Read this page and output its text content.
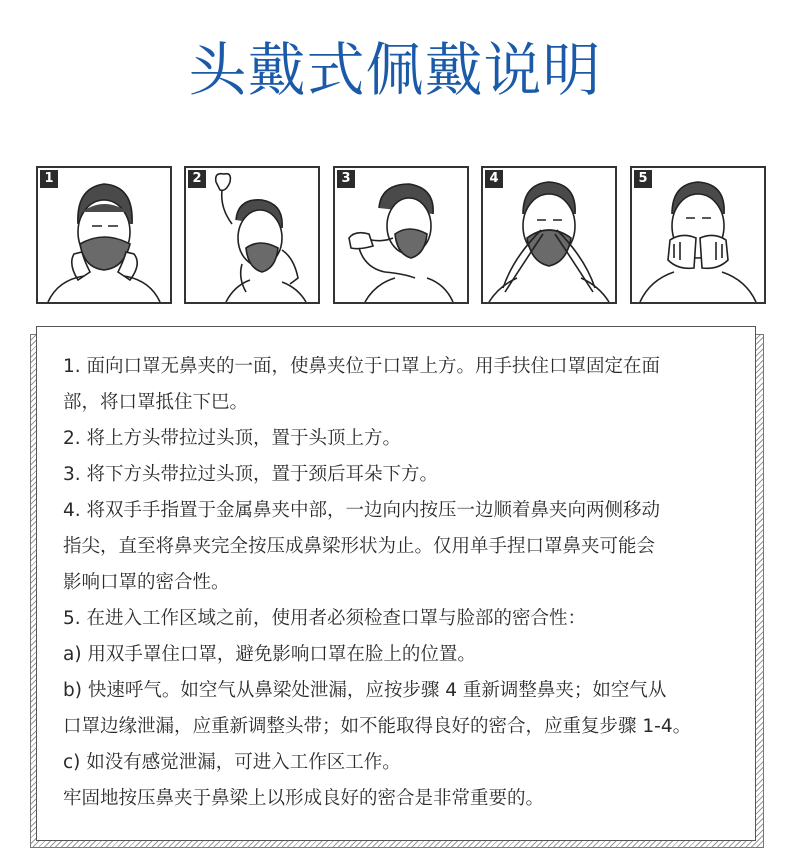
头戴式佩戴说明
1	2	3	4	5

1. 面向口罩无鼻夹的一面，使鼻夹位于口罩上方。用手扶住口罩固定在面

部，将口罩抵住下巴。

2. 将上方头带拉过头顶，置于头顶上方。

3. 将下方头带拉过头顶，置于颈后耳朵下方。

4. 将双手手指置于金属鼻夹中部，一边向内按压一边顺着鼻夹向两侧移动

指尖，直至将鼻夹完全按压成鼻梁形状为止。仅用单手捏口罩鼻夹可能会

影响口罩的密合性。

5. 在进入工作区域之前，使用者必须检查口罩与脸部的密合性：

a) 用双手罩住口罩，避免影响口罩在脸上的位置。

b) 快速呼气。如空气从鼻梁处泄漏，应按步骤 4 重新调整鼻夹；如空气从

口罩边缘泄漏，应重新调整头带；如不能取得良好的密合，应重复步骤 1-4。

c) 如没有感觉泄漏，可进入工作区工作。

牢固地按压鼻夹于鼻梁上以形成良好的密合是非常重要的。
